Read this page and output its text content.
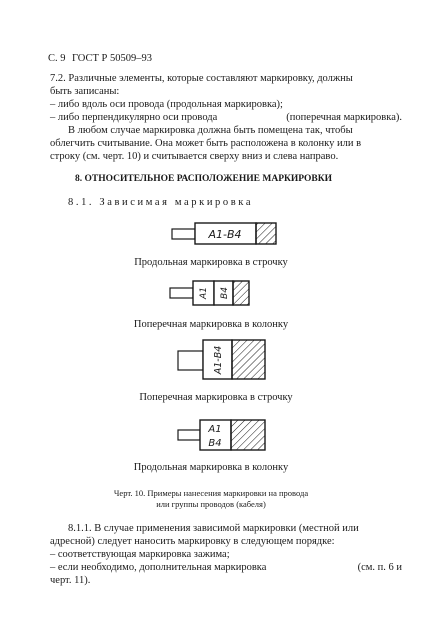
С. 9 ГОСТ Р 50509–93
7.2. Различные элементы, которые составляют маркировку, должны
быть записаны:
– либо вдоль оси провода (продольная маркировка);
– либо перпендикулярно оси провода	(поперечная маркировка).
В любом случае маркировка должна быть помещена так, чтобы
облегчить считывание. Она может быть расположена в колонку или в
строку (см. черт. 10) и считывается сверху вниз и слева направо.
8. ОТНОСИТЕЛЬНОЕ РАСПОЛОЖЕНИЕ МАРКИРОВКИ
8.1. Зависимая маркировка
A1-B4
A1 B4
A1-B4
A1
B4
Продольная маркировка в строчку
Поперечная маркировка в колонку
Поперечная маркировка в строчку
Продольная маркировка в колонку
Черт. 10. Примеры нанесения маркировки на провода
или группы проводов (кабеля)
8.1.1. В случае применения зависимой маркировки (местной или
адресной) следует наносить маркировку в следующем порядке:
– соответствующая маркировка зажима;
– если необходимо, дополнительная маркировка	(см. п. 6 и
черт. 11).
